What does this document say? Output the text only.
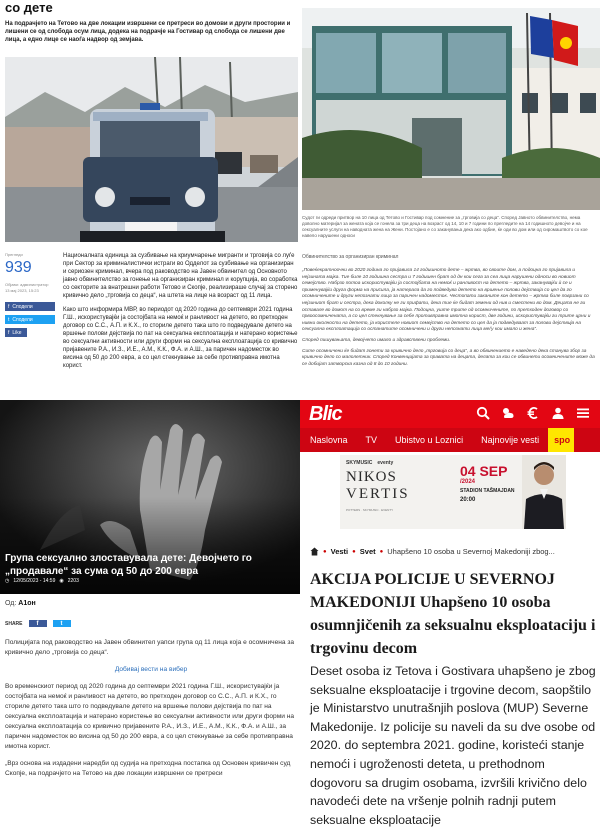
со дете
На подрачјето на Тетово на две локации извршени се претреси во домови и други простории и лишени се од слобода осум лица, додека на подрачје на Гостивар од слобода се лишени две лица, а едно лице се наоѓа надвор од земјава.
Прегледи
939
Објави: администратор
13 мај 2023, 15:23
f Сподели
t Сподели
f Like

Националната единица за сузбивање на криумчарење мигранти и трговија со луѓе при Сектор за криминалистички истраги во Одделот за сузбивање на организиран и сериозен криминал, вчера под раководство на Јавен обвинител од Основното јавно обвинителство за гонење на организиран криминал и корупција, во соработка со секторите за внатрешни работи Тетово и Скопје, реализираше случај за сторено кривично дело „трговија со деца“, на штета на лице на возраст од 11 лица.

Како што информира МВР, во периодот од 2020 година до септември 2021 година Г.Ш., искористувајќи ја состојбата на немоќ и ранливост на детето, во претходен договор со С.С., А.П. и К.Х., го сториле детето така што го подведувале детето на вршење полови дејствија по пат на сексуална експлоатација и натерано користење во сексуални активности или други форми на сексуална експлоатација со кривично пријавените Р.А., И.З., И.Е., А.М., К.К., Ф.А. и А.Ш., за паричен надоместок во висина од 50 до 200 евра, а со цел стекнување за себе противправна имотна корист.

Судот ги одреди притвор на 10 лица од Тетово и Гостивар под сомнение за „трговија со деца“. Според Јавното обвинителство, нема доволно материјал за жената која се гонела за три деца на возраст од 14, 10 и 7 години по прегледите на 14 годишното девојче и на сексуалните услуги на наводната жена на Жени. Постојано е со заканувања дека ако одбие, ќе оди во дом или од сиромаштвото со кое навело нарушени односи
Обвинителство за организиран криминал

„Повеќекратноочни во 2020 година го пријавила 14 годишното дете – жртва, во своите дом, а подоцна го пријавила и нејзината мајка. Тие биле 10 годишна сестра и 7 годишен брат од дн кои сега за сеа лица нарушени односи во новиот семејство. Набрзо потоа искористувајќи ја состојбата на немоќ и ранливост на детето – жртва, заканувајќи ѝ се и применувајќи друга форма на присила, ја натерала да го подведува детето на вршење полови дејствија со цел да го осомничените и други непознати лица за паричен надоместок. Честопати заканите кон детето – жртва биле поврзани со нејзиниот брат и сестра, дека доколку не ги прифати, дека тие ќе бидат земени од нив и сместени во дом. Децата не ги оставале во домот на со време ги набрзо мајка. Подоцна, уште трите од осомничените, по претходен договор со првоосомничената, а со цел стекнување за себе противправна имотна корист, две години, искористувајќи ги трите црни и нивни околности на детето, ја користеле новиот семејство на детето со цел да ја подведуваат за полови дејствија на сексуална експлоатација со останатите осомничени и други непознати лица меѓу кои имало и жена“.

Според пишувањата, девојчето имало и здравствени проблеми.

Сите осомничени ќе бидат гонети за кривично дело „трговија со деца“, а во обвинението е наведено дека станува збор за кривично дело со малолетник. Според Конвенцијата за правата на децата, делата за кои се обвинети осомничените може да се добијат затворска казна од 8 до 10 години.

Група сексуално злоставувала дете: Девојчето го „продавале“ за сума од 50 до 200 евра
◷ 12/05/2023 - 14:59 ◉ 2203
Од: A1он
SHARE	f	t

Полицијата под раководство на Јавен обвинител уапси група од 11 лица која е осомничена за кривично дело „трговија со деца“.

Добиваj вести на вибер

Во временскиот период од 2020 година до септември 2021 година Г.Ш., искористувајќи ја состојбата на немоќ и ранливост на детето, во претходен договор со С.С., А.П. и К.Х., го сториле детето така што го подведувале детето на вршење полови дејствија по пат на сексуална експлоатација и натерано користење во сексуални активности или други форми на сексуална експлоатација со кривично пријавените Р.А., И.З., И.Е., А.М., К.К., Ф.А. и А.Ш., за паричен надоместок во висина од 50 до 200 евра, а со цел стекнување за себе противправна имотна корист.

„Врз основа на издадени наредби од судија на претходна постапка од Основен кривичен суд Скопје, на подрачјето на Тетово на две локации извршени се претреси

Blic
Naslovna	TV	Ubistvo u Loznici	Najnovije vesti	spo
SKYMUSIC eventy
NIKOS
VERTIS
POTTERS · SKYMUSIC · EVENTY
04 SEP
/2024
STADION TAŠMAJDAN
20:00
● Vesti ● Svet ● Uhapšeno 10 osoba u Severnoj Makedoniji zbog...
AKCIJA POLICIJE U SEVERNOJ MAKEDONIJI Uhapšeno 10 osoba osumnjičenih za seksualnu eksploataciju i trgovinu decom
Deset osoba iz Tetova i Gostivara uhapšeno je zbog seksualne eksploatacije i trgovine decom, saopštilo je Ministarstvo unutrašnjih poslova (MUP) Severne Makedonije. Iz policije su naveli da su dve osobe od 2020. do septembra 2021. godine, koristeći stanje nemoći i ugroženosti deteta, u prethodnom dogovoru sa drugim osobama, izvršili krivično delo navodeći dete na vršenje polnih radnji putem seksualne eksploatacije
